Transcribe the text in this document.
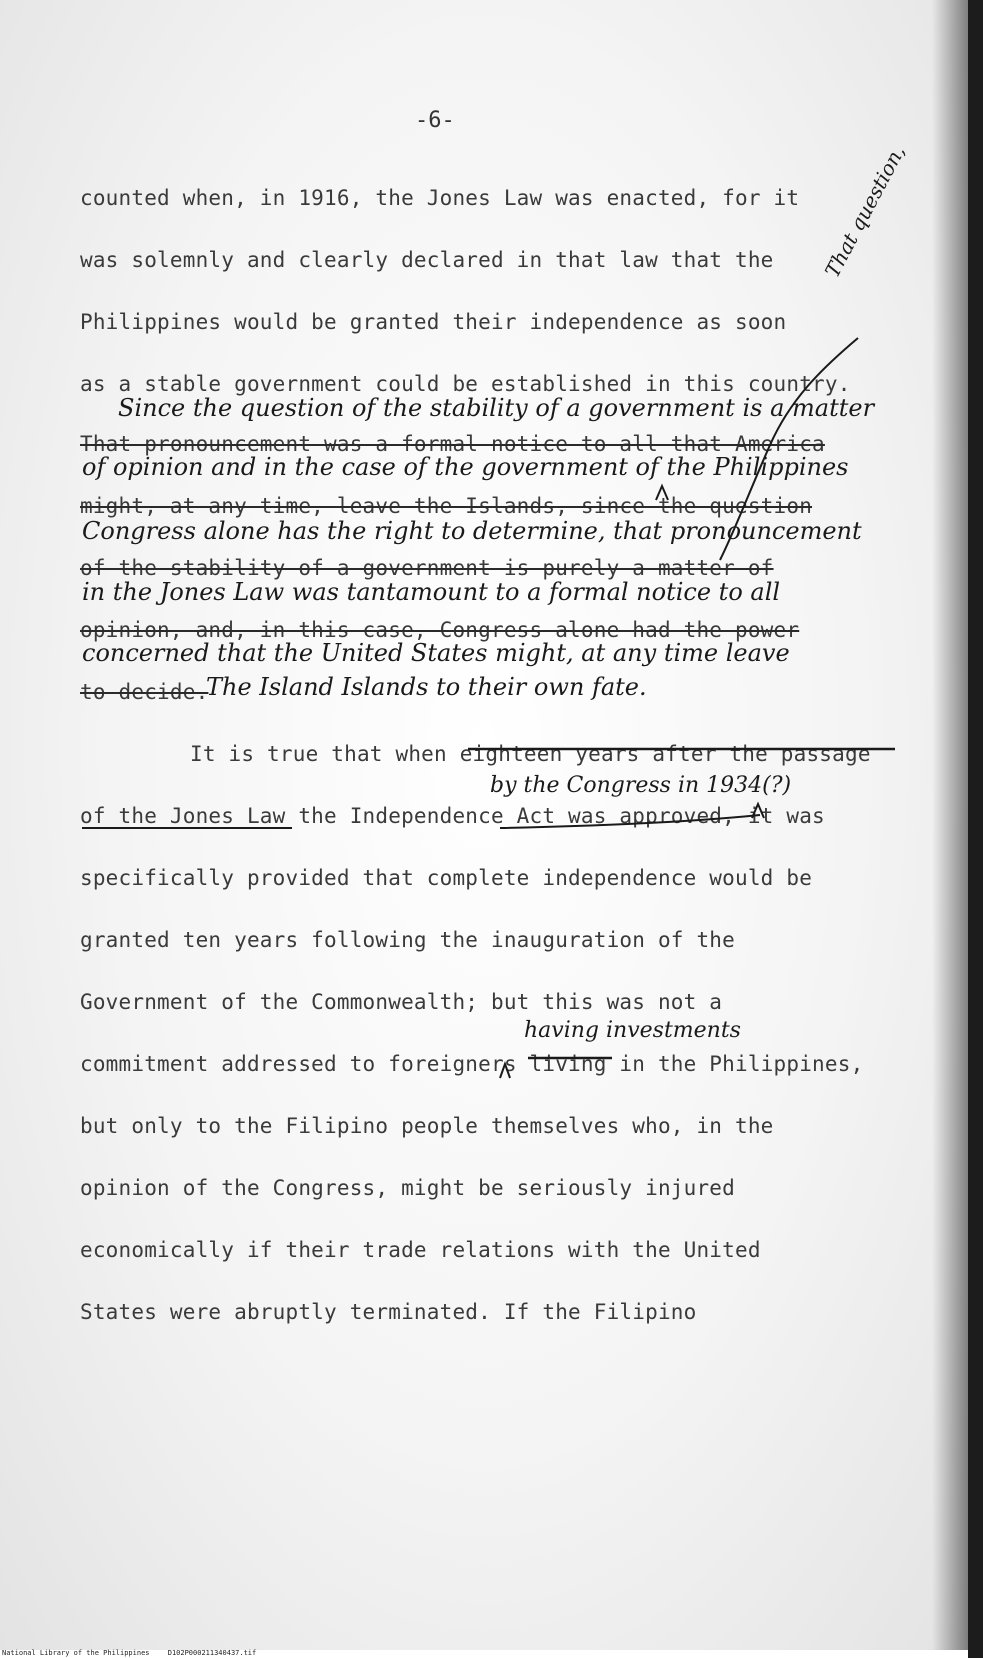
-6-
counted when, in 1916, the Jones Law was enacted, for it
was solemnly and clearly declared in that law that the
Philippines would be granted their independence as soon
as a stable government could be established in this country.
Since the question of the stability of a government is a matter
That pronouncement was a formal notice to all that America
of opinion and in the case of the government of the Philippines
might, at any time, leave the Islands, since the question
Congress alone has the right to determine, that pronouncement
of the stability of a government is purely a matter of
in the Jones Law was tantamount to a formal notice to all
opinion, and, in this case, Congress alone had the power
concerned that the United States might, at any time leave
to decide.
The Island Islands to their own fate.
It is true that when eighteen years after the passage
by the Congress in 1934(?)
of the Jones Law the Independence Act was approved, it was
specifically provided that complete independence would be
granted ten years following the inauguration of the
Government of the Commonwealth; but this was not a
having investments
commitment addressed to foreigners living in the Philippines,
but only to the Filipino people themselves who, in the
opinion of the Congress, might be seriously injured
economically if their trade relations with the United
States were abruptly terminated. If the Filipino
That question,
National Library of the Philippines	D102P000211340437.tif
